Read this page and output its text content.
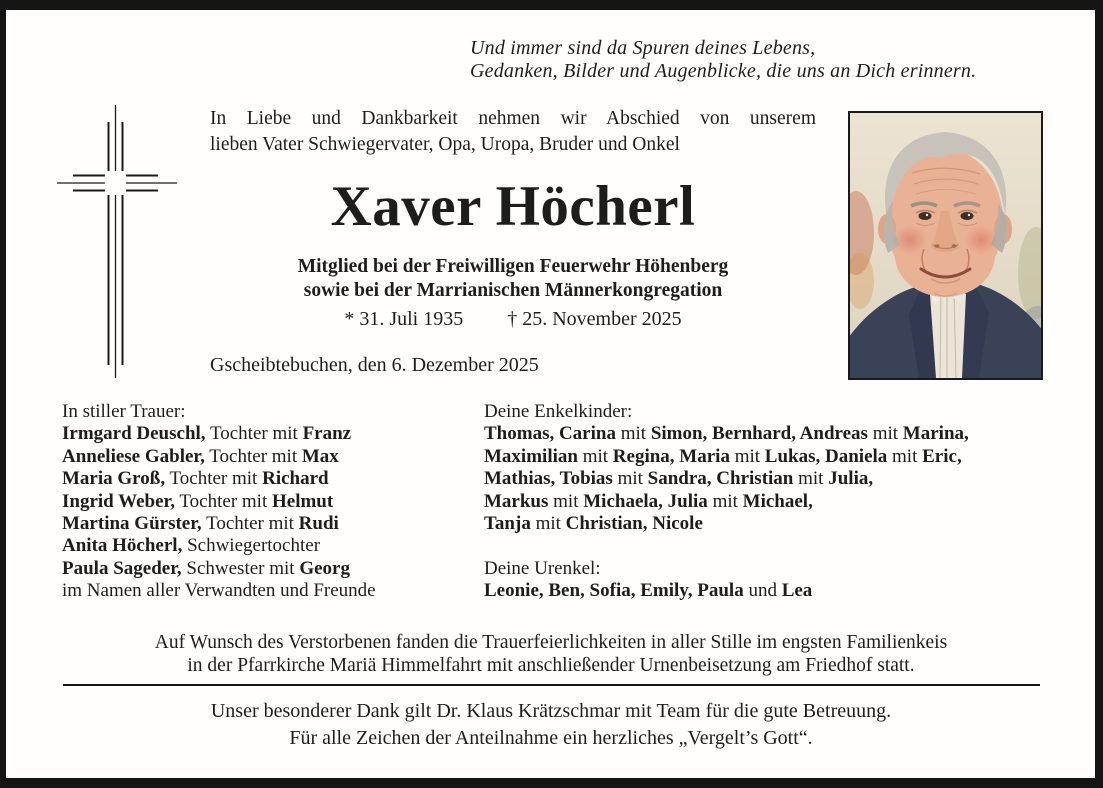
Und immer sind da Spuren deines Lebens,
Gedanken, Bilder und Augenblicke, die uns an Dich erinnern.
In Liebe und Dankbarkeit nehmen wir Abschied von unserem
lieben Vater Schwiegervater, Opa, Uropa, Bruder und Onkel
Xaver Höcherl
Mitglied bei der Freiwilligen Feuerwehr Höhenberg
sowie bei der Marrianischen Männerkongregation
* 31. Juli 1935 † 25. November 2025
Gscheibtebuchen, den 6. Dezember 2025
In stiller Trauer:
Irmgard Deuschl, Tochter mit Franz
Anneliese Gabler, Tochter mit Max
Maria Groß, Tochter mit Richard
Ingrid Weber, Tochter mit Helmut
Martina Gürster, Tochter mit Rudi
Anita Höcherl, Schwiegertochter
Paula Sageder, Schwester mit Georg
im Namen aller Verwandten und Freunde
Deine Enkelkinder:
Thomas, Carina mit Simon, Bernhard, Andreas mit Marina,
Maximilian mit Regina, Maria mit Lukas, Daniela mit Eric,
Mathias, Tobias mit Sandra, Christian mit Julia,
Markus mit Michaela, Julia mit Michael,
Tanja mit Christian, Nicole
Deine Urenkel:
Leonie, Ben, Sofia, Emily, Paula und Lea
Auf Wunsch des Verstorbenen fanden die Trauerfeierlichkeiten in aller Stille im engsten Familienkeis
in der Pfarrkirche Mariä Himmelfahrt mit anschließender Urnenbeisetzung am Friedhof statt.
Unser besonderer Dank gilt Dr. Klaus Krätzschmar mit Team für die gute Betreuung.
Für alle Zeichen der Anteilnahme ein herzliches „Vergelt’s Gott“.
